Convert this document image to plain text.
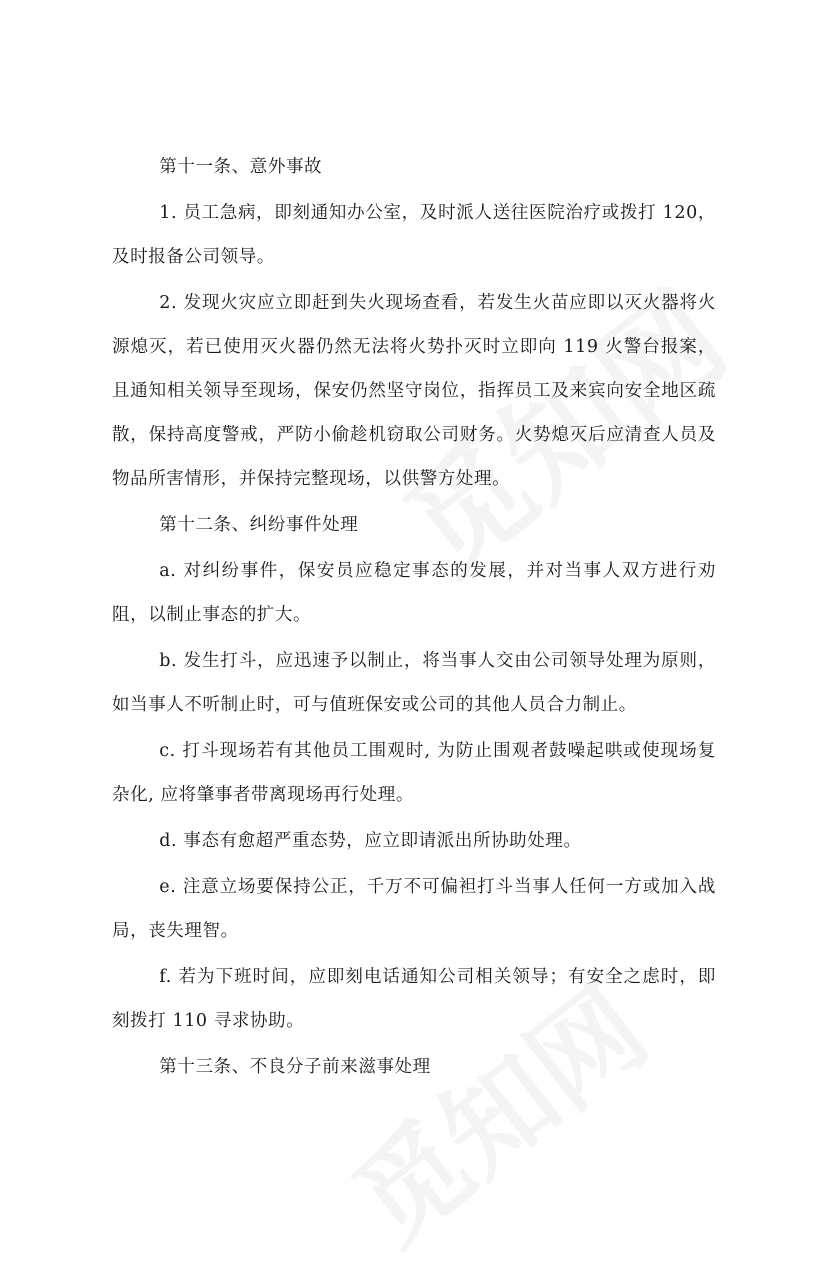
第十一条、意外事故

1. 员工急病，即刻通知办公室，及时派人送往医院治疗或拨打 120，及时报备公司领导。

2. 发现火灾应立即赶到失火现场查看，若发生火苗应即以灭火器将火源熄灭，若已使用灭火器仍然无法将火势扑灭时立即向 119 火警台报案，且通知相关领导至现场，保安仍然坚守岗位，指挥员工及来宾向安全地区疏散，保持高度警戒，严防小偷趁机窃取公司财务。火势熄灭后应清查人员及物品所害情形，并保持完整现场，以供警方处理。

第十二条、纠纷事件处理

a. 对纠纷事件，保安员应稳定事态的发展，并对当事人双方进行劝阻，以制止事态的扩大。

b. 发生打斗，应迅速予以制止，将当事人交由公司领导处理为原则，如当事人不听制止时，可与值班保安或公司的其他人员合力制止。

c. 打斗现场若有其他员工围观时, 为防止围观者鼓噪起哄或使现场复杂化, 应将肇事者带离现场再行处理。

d. 事态有愈超严重态势，应立即请派出所协助处理。

e. 注意立场要保持公正，千万不可偏袒打斗当事人任何一方或加入战局，丧失理智。

f. 若为下班时间，应即刻电话通知公司相关领导；有安全之虑时，即刻拨打 110 寻求协助。

第十三条、不良分子前来滋事处理
